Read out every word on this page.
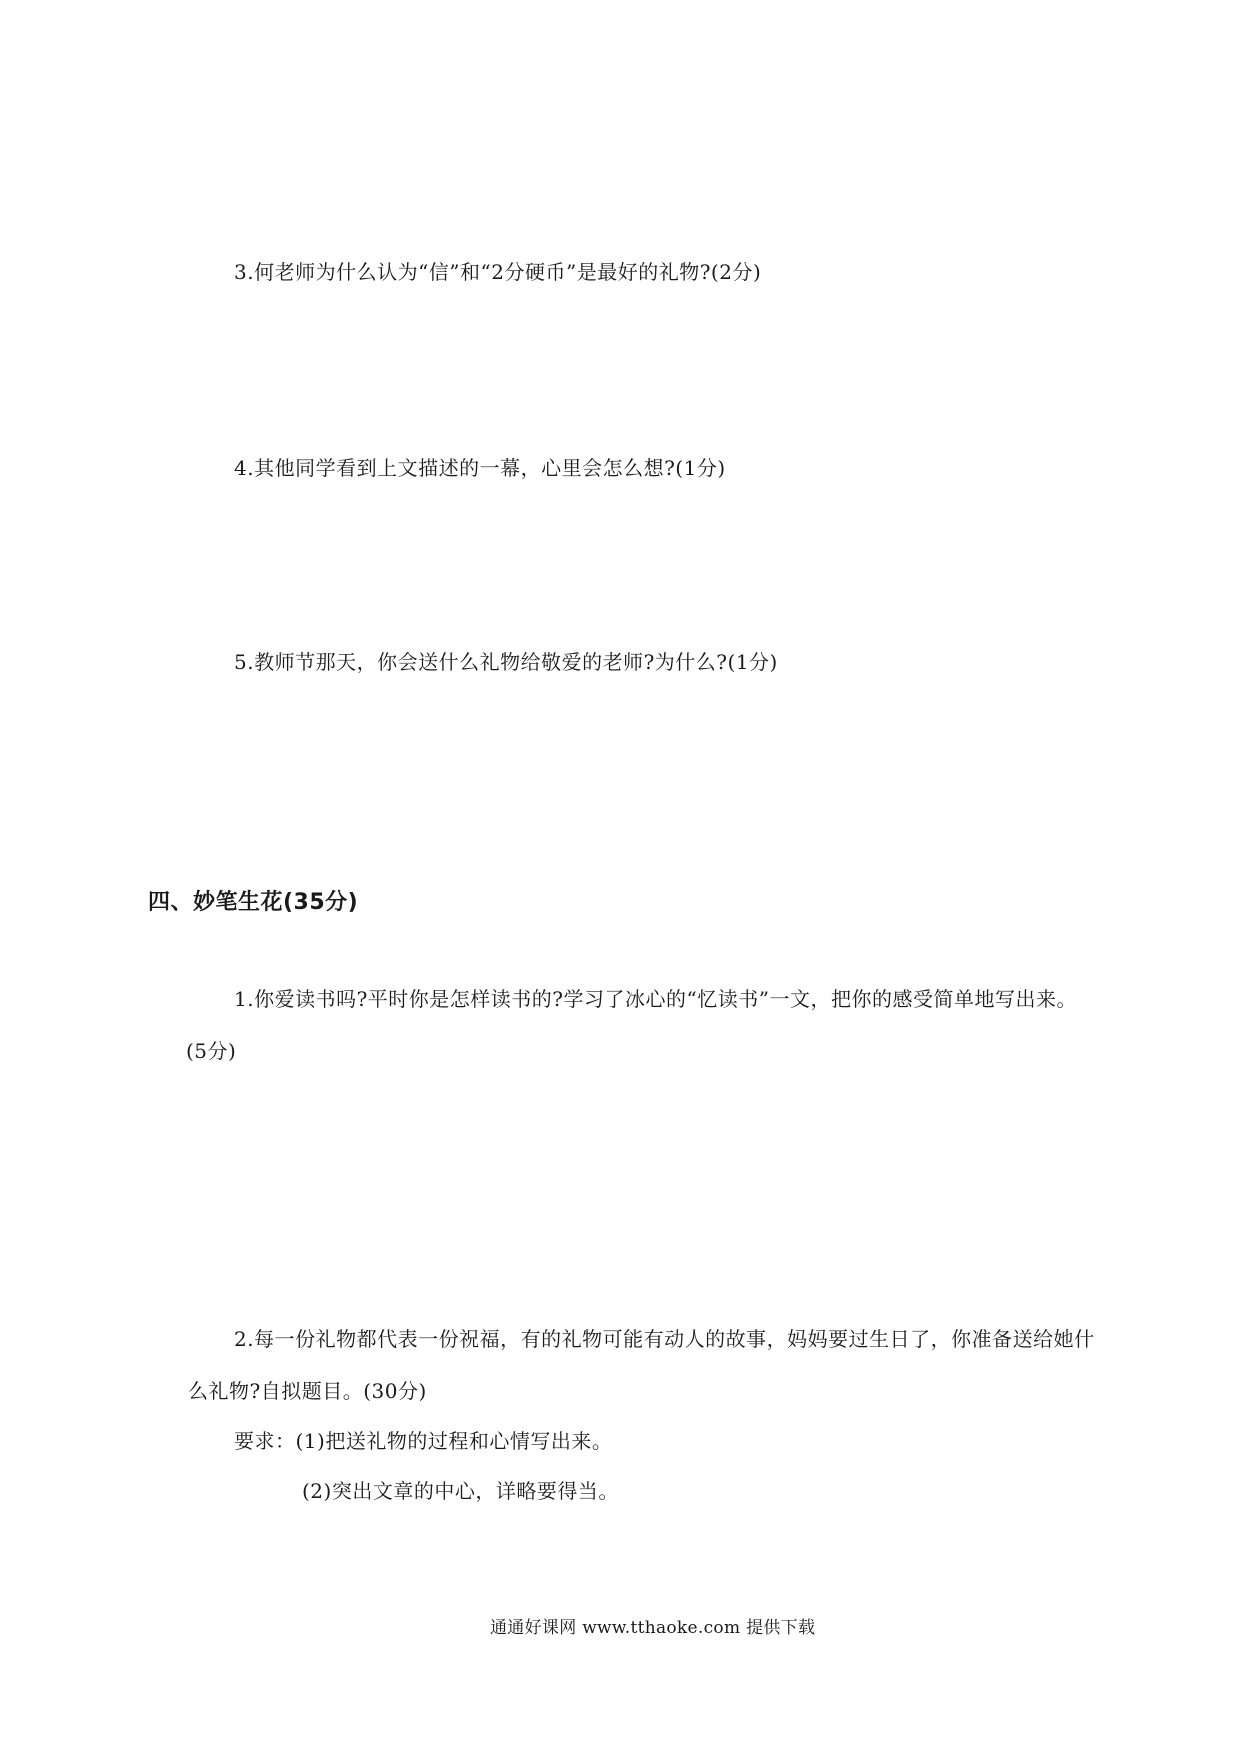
3.何老师为什么认为“信”和“2分硬币”是最好的礼物?(2分)
4.其他同学看到上文描述的一幕，心里会怎么想?(1分)
5.教师节那天，你会送什么礼物给敬爱的老师?为什么?(1分)
四、妙笔生花(35分)
1.你爱读书吗?平时你是怎样读书的?学习了冰心的“忆读书”一文，把你的感受简单地写出来。
(5分)
2.每一份礼物都代表一份祝福，有的礼物可能有动人的故事，妈妈要过生日了，你准备送给她什
么礼物?自拟题目。(30分)
要求：(1)把送礼物的过程和心情写出来。
(2)突出文章的中心，详略要得当。
通通好课网 www.tthaoke.com 提供下载
